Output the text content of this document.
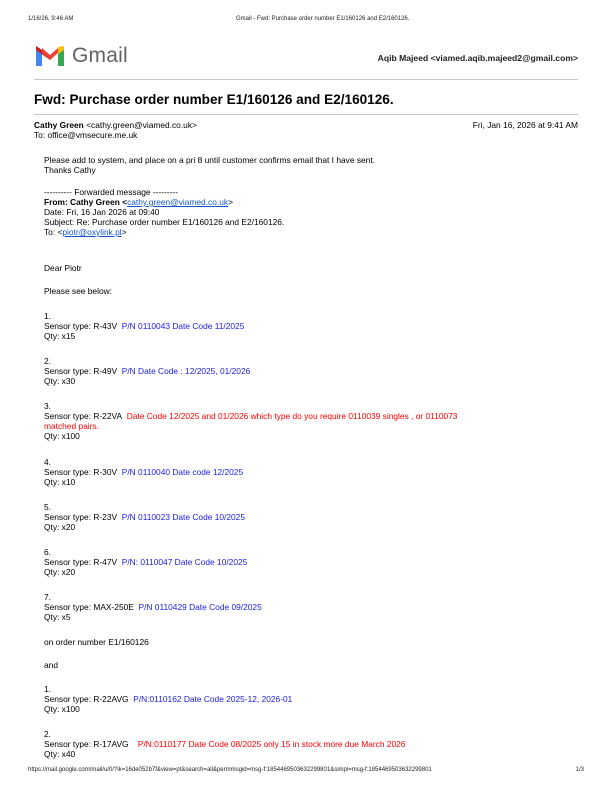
1/16/26, 9:46 AM	Gmail - Fwd: Purchase order number E1/160126 and E2/160126.
Gmail	Aqib Majeed <viamed.aqib.majeed2@gmail.com>
Fwd: Purchase order number E1/160126 and E2/160126.
Cathy Green <cathy.green@viamed.co.uk>	Fri, Jan 16, 2026 at 9:41 AM
To: office@vmsecure.me.uk
Please add to system, and place on a pri 8 until customer confirms email that I have sent.
Thanks Cathy
---------- Forwarded message ---------
From: Cathy Green <cathy.green@viamed.co.uk>
Date: Fri, 16 Jan 2026 at 09:40
Subject: Re: Purchase order number E1/160126 and E2/160126.
To: <piotr@oxylink.pl>
Dear Piotr
Please see below:
1.
Sensor type: R-43V P/N 0110043 Date Code 11/2025
Qty: x15
2.
Sensor type: R-49V P/N Date Code : 12/2025, 01/2026
Qty: x30
3.
Sensor type: R-22VA Date Code 12/2025 and 01/2026 which type do you require 0110039 singles , or 0110073
matched pairs.
Qty: x100
4.
Sensor type: R-30V P/N 0110040 Date code 12/2025
Qty: x10
5.
Sensor type: R-23V P/N 0110023 Date Code 10/2025
Qty: x20
6.
Sensor type: R-47V P/N: 0110047 Date Code 10/2025
Qty: x20
7.
Sensor type: MAX-250E P/N 0110429 Date Code 09/2025
Qty: x5
on order number E1/160126
and
1.
Sensor type: R-22AVG P/N:0110162 Date Code 2025-12, 2026-01
Qty: x100
2.
Sensor type: R-17AVG P/N:0110177 Date Code 08/2025 only 15 in stock more due March 2026
Qty: x40
https://mail.google.com/mail/u/0/?ik=16de052b7f&view=pt&search=all&permmsgid=msg-f:1854469503632299801&simpl=msg-f:1854469503632299801	1/3
